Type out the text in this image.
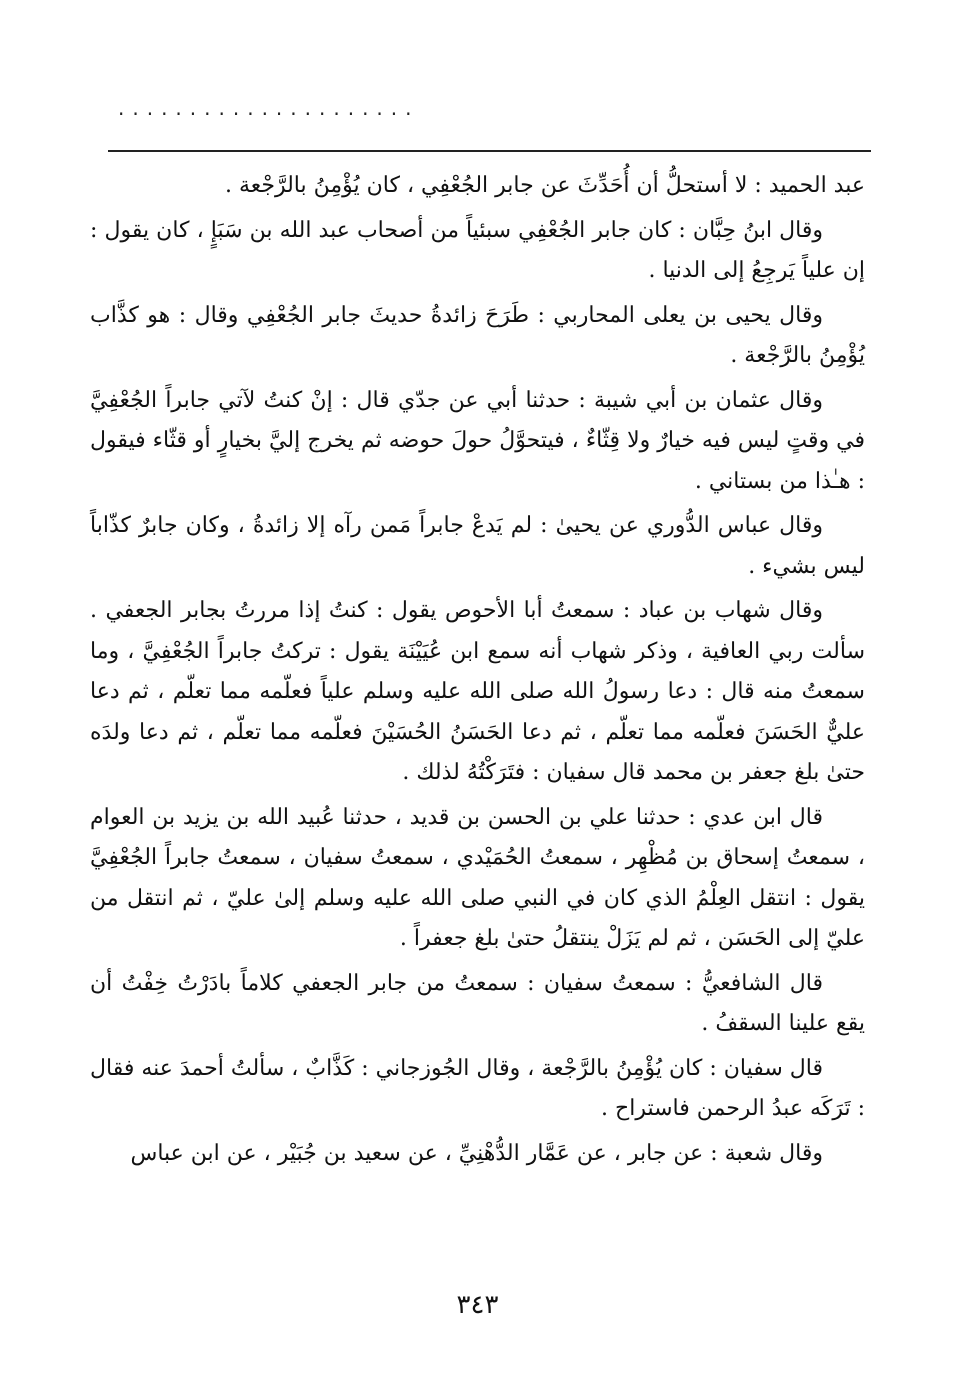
.....................

عبد الحميد : لا أستحلُّ أن أُحَدِّثَ عن جابر الجُعْفِي ، كان يُؤْمِنُ بالرَّجْعة .

وقال ابنُ حِبَّان : كان جابر الجُعْفِي سبئياً من أصحاب عبد الله بن سَبَإٍ ، كان يقول : إن علياً يَرجِعُ إلى الدنيا .

وقال يحيى بن يعلى المحاربي : طَرَحَ زائدةُ حديثَ جابر الجُعْفِي وقال : هو كذَّاب يُؤْمِنُ بالرَّجْعة .

وقال عثمان بن أبي شيبة : حدثنا أبي عن جدّي قال : إنْ كنتُ لآتي جابراً الجُعْفِيَّ في وقتٍ ليس فيه خيارٌ ولا قِثّاءٌ ، فيتحوَّلُ حولَ حوضه ثم يخرج إليَّ بخيارٍ أو قثّاء فيقول : هـٰذا من بستاني .

وقال عباس الدُّوري عن يحيىٰ : لم يَدعْ جابراً مَمن رآه إلا زائدةُ ، وكان جابرٌ كذّاباً ليس بشيء .

وقال شهاب بن عباد : سمعتُ أبا الأحوص يقول : كنتُ إذا مررتُ بجابر الجعفي . سألت ربي العافية ، وذكر شهاب أنه سمع ابن عُيَيْنَة يقول : تركتُ جابراً الجُعْفِيَّ ، وما سمعتُ منه قال : دعا رسولُ الله صلى الله عليه وسلم علياً فعلّمه مما تعلّم ، ثم دعا عليٌّ الحَسَنَ فعلّمه مما تعلّم ، ثم دعا الحَسَنُ الحُسَيْنَ فعلّمه مما تعلّم ، ثم دعا ولدَه حتىٰ بلغ جعفر بن محمد قال سفيان : فتَرَكْتُهُ لذلك .

قال ابن عدي : حدثنا علي بن الحسن بن قديد ، حدثنا عُبيد الله بن يزيد بن العوام ، سمعتُ إسحاق بن مُظْهِر ، سمعتُ الحُمَيْدي ، سمعتُ سفيان ، سمعتُ جابراً الجُعْفِيَّ يقول : انتقل العِلْمُ الذي كان في النبي صلى الله عليه وسلم إلىٰ عليّ ، ثم انتقل من عليّ إلى الحَسَن ، ثم لم يَزَلْ ينتقلُ حتىٰ بلغ جعفراً .

قال الشافعيُّ : سمعتُ سفيان : سمعتُ من جابر الجعفي كلاماً بادَرْتُ خِفْتُ أن يقع علينا السقفُ .

قال سفيان : كان يُؤْمِنُ بالرَّجْعة ، وقال الجُوزجاني : كَذَّابٌ ، سألتُ أحمدَ عنه فقال : تَرَكَه عبدُ الرحمن فاستراح .

وقال شعبة : عن جابر ، عن عَمَّار الدُّهْنِيِّ ، عن سعيد بن جُبَيْر ، عن ابن عباس

٣٤٣
